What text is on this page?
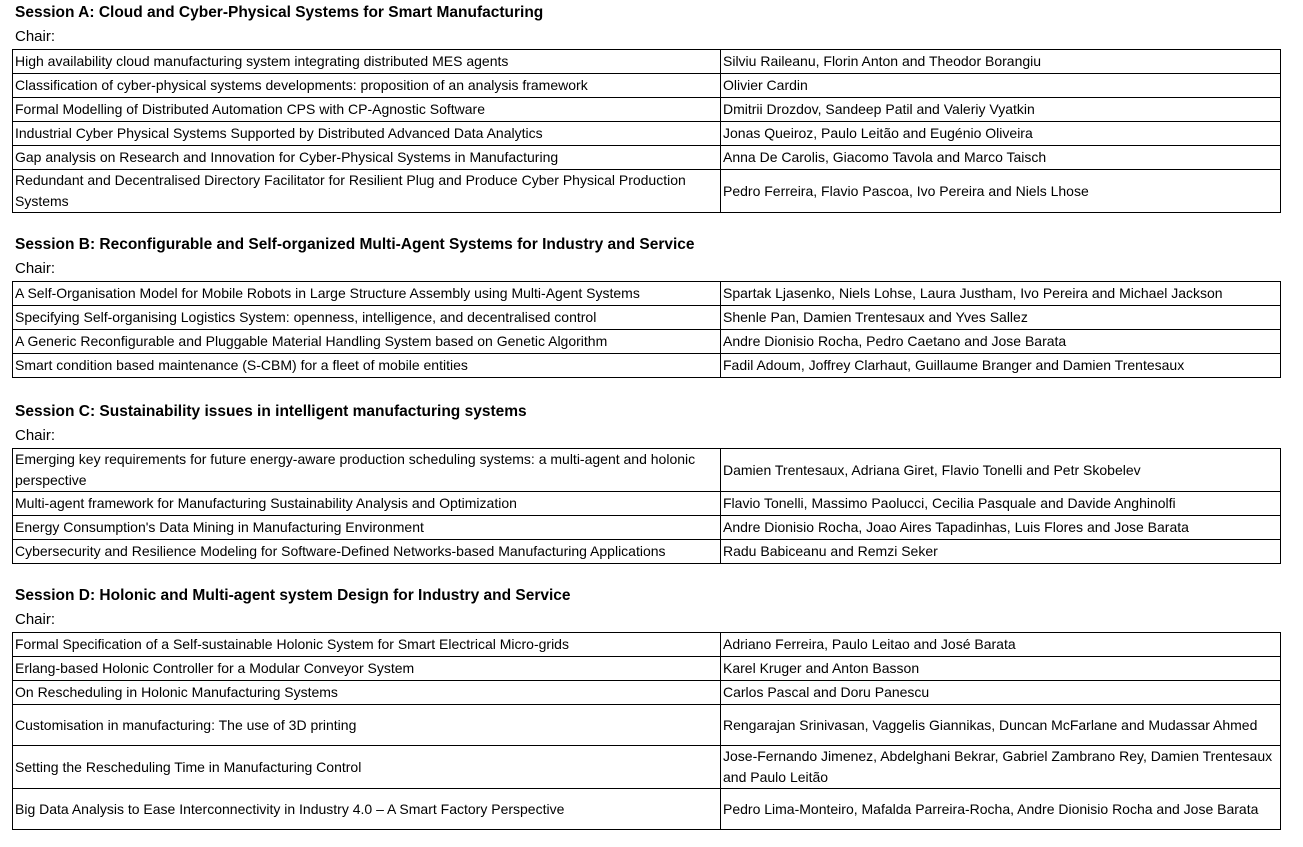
Session A: Cloud and Cyber-Physical Systems for Smart Manufacturing
Chair:
High availability cloud manufacturing system integrating distributed MES agents	Silviu Raileanu, Florin Anton and Theodor Borangiu
Classification of cyber-physical systems developments: proposition of an analysis framework	Olivier Cardin
Formal Modelling of Distributed Automation CPS with CP-Agnostic Software	Dmitrii Drozdov, Sandeep Patil and Valeriy Vyatkin
Industrial Cyber Physical Systems Supported by Distributed Advanced Data Analytics	Jonas Queiroz, Paulo Leitão and Eugénio Oliveira
Gap analysis on Research and Innovation for Cyber-Physical Systems in Manufacturing	Anna De Carolis, Giacomo Tavola and Marco Taisch
Redundant and Decentralised Directory Facilitator for Resilient Plug and Produce Cyber Physical Production Systems	Pedro Ferreira, Flavio Pascoa, Ivo Pereira and Niels Lhose
Session B: Reconfigurable and Self-organized Multi-Agent Systems for Industry and Service
Chair:
A Self-Organisation Model for Mobile Robots in Large Structure Assembly using Multi-Agent Systems	Spartak Ljasenko, Niels Lohse, Laura Justham, Ivo Pereira and Michael Jackson
Specifying Self-organising Logistics System: openness, intelligence, and decentralised control	Shenle Pan, Damien Trentesaux and Yves Sallez
A Generic Reconfigurable and Pluggable Material Handling System based on Genetic Algorithm	Andre Dionisio Rocha, Pedro Caetano and Jose Barata
Smart condition based maintenance (S-CBM) for a fleet of mobile entities	Fadil Adoum, Joffrey Clarhaut, Guillaume Branger and Damien Trentesaux
Session C: Sustainability issues in intelligent manufacturing systems
Chair:
Emerging key requirements for future energy-aware production scheduling systems: a multi-agent and holonic perspective	Damien Trentesaux, Adriana Giret, Flavio Tonelli and Petr Skobelev
Multi-agent framework for Manufacturing Sustainability Analysis and Optimization	Flavio Tonelli, Massimo Paolucci, Cecilia Pasquale and Davide Anghinolfi
Energy Consumption's Data Mining in Manufacturing Environment	Andre Dionisio Rocha, Joao Aires Tapadinhas, Luis Flores and Jose Barata
Cybersecurity and Resilience Modeling for Software-Defined Networks-based Manufacturing Applications	Radu Babiceanu and Remzi Seker
Session D: Holonic and Multi-agent system Design for Industry and Service
Chair:
Formal Specification of a Self-sustainable Holonic System for Smart Electrical Micro-grids	Adriano Ferreira, Paulo Leitao and José Barata
Erlang-based Holonic Controller for a Modular Conveyor System	Karel Kruger and Anton Basson
On Rescheduling in Holonic Manufacturing Systems	Carlos Pascal and Doru Panescu
Customisation in manufacturing: The use of 3D printing	Rengarajan Srinivasan, Vaggelis Giannikas, Duncan McFarlane and Mudassar Ahmed
Setting the Rescheduling Time in Manufacturing Control	Jose-Fernando Jimenez, Abdelghani Bekrar, Gabriel Zambrano Rey, Damien Trentesaux and Paulo Leitão
Big Data Analysis to Ease Interconnectivity in Industry 4.0 – A Smart Factory Perspective	Pedro Lima-Monteiro, Mafalda Parreira-Rocha, Andre Dionisio Rocha and Jose Barata
